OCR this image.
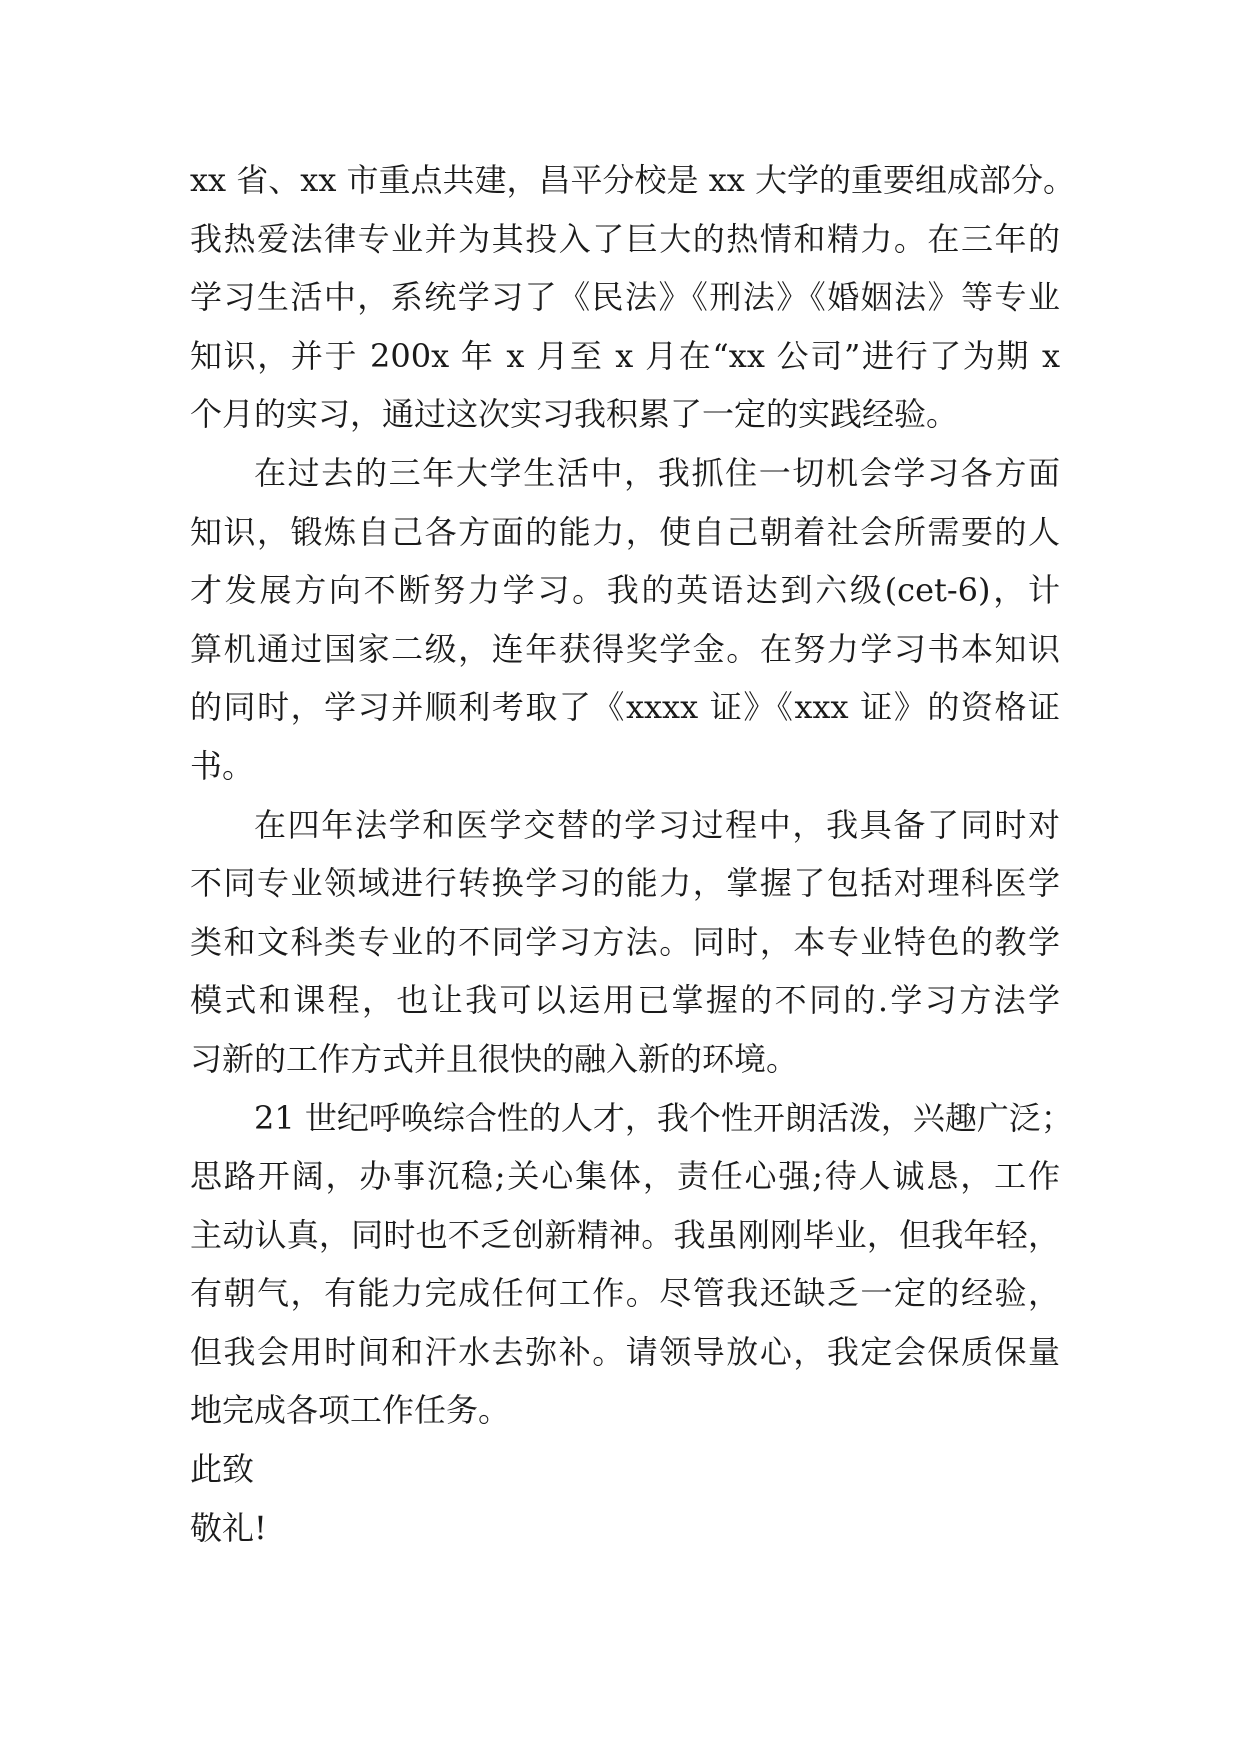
xx 省、xx 市重点共建，昌平分校是 xx 大学的重要组成部分。
我热爱法律专业并为其投入了巨大的热情和精力。在三年的
学习生活中，系统学习了《民法》《刑法》《婚姻法》等专业
知识，并于 200x 年 x 月至 x 月在“xx 公司”进行了为期 x
个月的实习，通过这次实习我积累了一定的实践经验。
在过去的三年大学生活中，我抓住一切机会学习各方面
知识，锻炼自己各方面的能力，使自己朝着社会所需要的人
才发展方向不断努力学习。我的英语达到六级(cet-6)，计
算机通过国家二级，连年获得奖学金。在努力学习书本知识
的同时，学习并顺利考取了《xxxx 证》《xxx 证》的资格证
书。
在四年法学和医学交替的学习过程中，我具备了同时对
不同专业领域进行转换学习的能力，掌握了包括对理科医学
类和文科类专业的不同学习方法。同时，本专业特色的教学
模式和课程，也让我可以运用已掌握的不同的.学习方法学
习新的工作方式并且很快的融入新的环境。
21 世纪呼唤综合性的人才，我个性开朗活泼，兴趣广泛；
思路开阔，办事沉稳;关心集体，责任心强;待人诚恳，工作
主动认真，同时也不乏创新精神。我虽刚刚毕业，但我年轻，
有朝气，有能力完成任何工作。尽管我还缺乏一定的经验，
但我会用时间和汗水去弥补。请领导放心，我定会保质保量
地完成各项工作任务。
此致
敬礼!
